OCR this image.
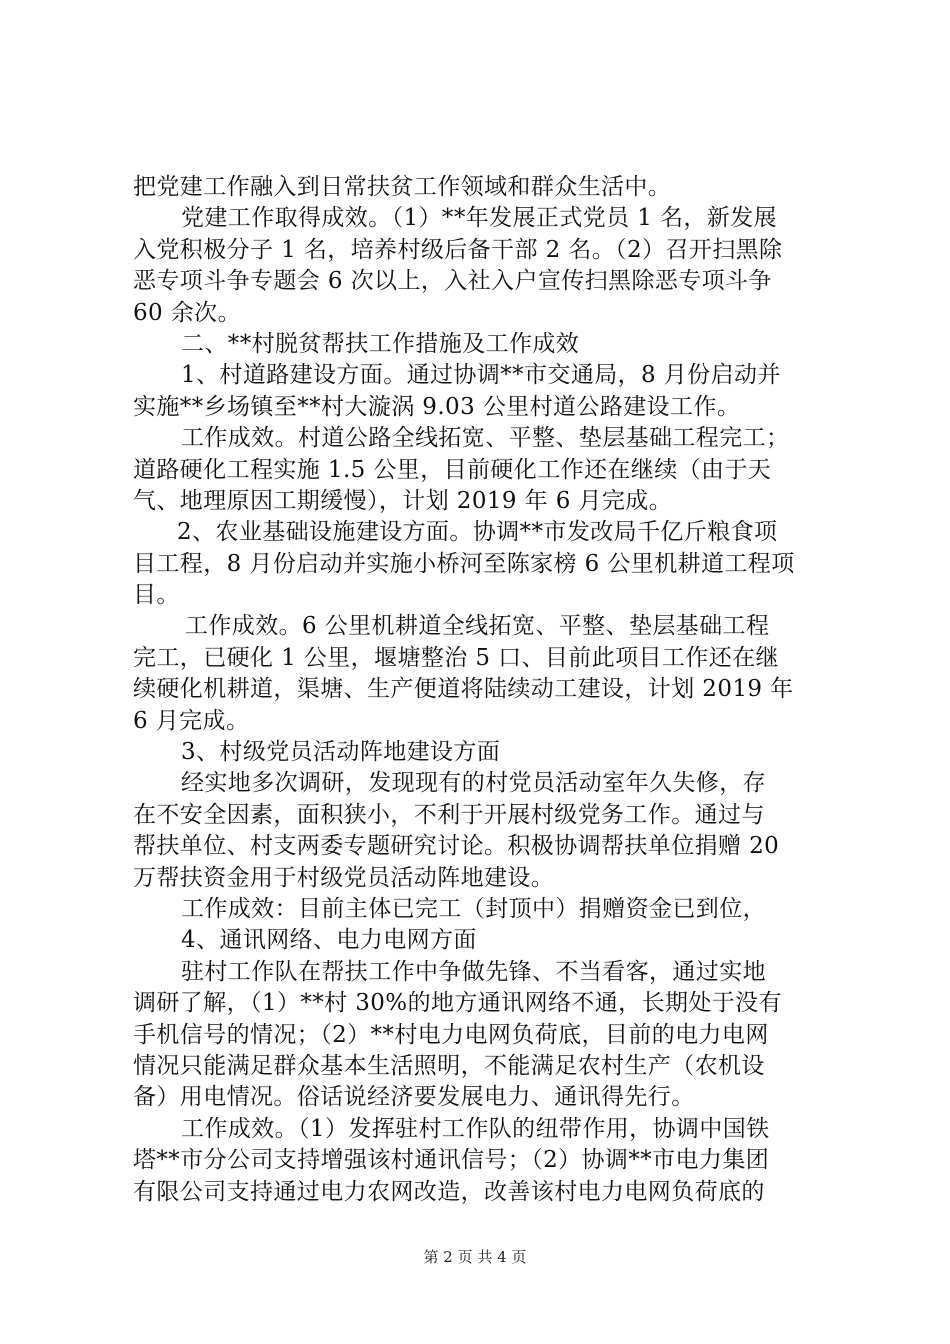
把党建工作融入到日常扶贫工作领域和群众生活中。
党建工作取得成效。（1）**年发展正式党员 1 名，新发展
入党积极分子 1 名，培养村级后备干部 2 名。（2）召开扫黑除
恶专项斗争专题会 6 次以上，入社入户宣传扫黑除恶专项斗争
60 余次。
二、**村脱贫帮扶工作措施及工作成效
1、村道路建设方面。通过协调**市交通局，8 月份启动并
实施**乡场镇至**村大漩涡 9.03 公里村道公路建设工作。
工作成效。村道公路全线拓宽、平整、垫层基础工程完工；
道路硬化工程实施 1.5 公里，目前硬化工作还在继续（由于天
气、地理原因工期缓慢），计划 2019 年 6 月完成。
2、农业基础设施建设方面。协调**市发改局千亿斤粮食项
目工程，8 月份启动并实施小桥河至陈家榜 6 公里机耕道工程项
目。
工作成效。6 公里机耕道全线拓宽、平整、垫层基础工程
完工，已硬化 1 公里，堰塘整治 5 口、目前此项目工作还在继
续硬化机耕道，渠塘、生产便道将陆续动工建设，计划 2019 年
6 月完成。
3、村级党员活动阵地建设方面
经实地多次调研，发现现有的村党员活动室年久失修，存
在不安全因素，面积狭小，不利于开展村级党务工作。通过与
帮扶单位、村支两委专题研究讨论。积极协调帮扶单位捐赠 20
万帮扶资金用于村级党员活动阵地建设。
工作成效：目前主体已完工（封顶中）捐赠资金已到位，
4、通讯网络、电力电网方面
驻村工作队在帮扶工作中争做先锋、不当看客，通过实地
调研了解，（1）**村 30%的地方通讯网络不通，长期处于没有
手机信号的情况；（2）**村电力电网负荷底，目前的电力电网
情况只能满足群众基本生活照明，不能满足农村生产（农机设
备）用电情况。俗话说经济要发展电力、通讯得先行。
工作成效。（1）发挥驻村工作队的纽带作用，协调中国铁
塔**市分公司支持增强该村通讯信号；（2）协调**市电力集团
有限公司支持通过电力农网改造，改善该村电力电网负荷底的
第 2 页 共 4 页
